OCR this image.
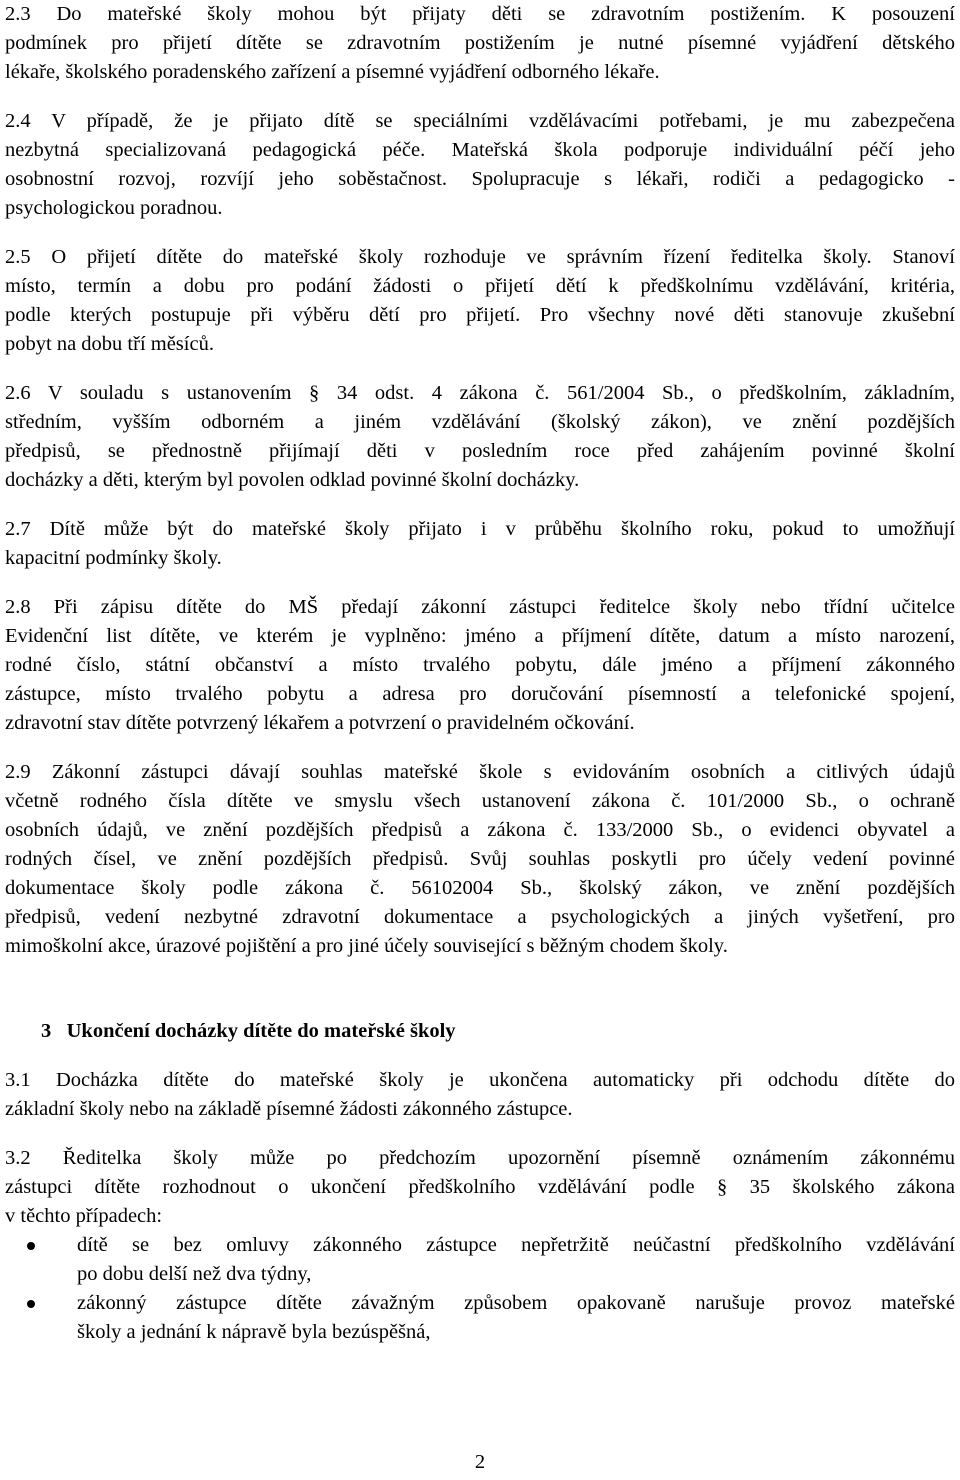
2.3 Do mateřské školy mohou být přijaty děti se zdravotním postižením. K posouzení
podmínek pro přijetí dítěte se zdravotním postižením je nutné písemné vyjádření dětského
lékaře, školského poradenského zařízení a písemné vyjádření odborného lékaře.

2.4 V případě, že je přijato dítě se speciálními vzdělávacími potřebami, je mu zabezpečena
nezbytná specializovaná pedagogická péče. Mateřská škola podporuje individuální péčí jeho
osobnostní rozvoj, rozvíjí jeho soběstačnost. Spolupracuje s lékaři, rodiči a pedagogicko -
psychologickou poradnou.

2.5 O přijetí dítěte do mateřské školy rozhoduje ve správním řízení ředitelka školy. Stanoví
místo, termín a dobu pro podání žádosti o přijetí dětí k předškolnímu vzdělávání, kritéria,
podle kterých postupuje při výběru dětí pro přijetí. Pro všechny nové děti stanovuje zkušební
pobyt na dobu tří měsíců.

2.6 V souladu s ustanovením § 34 odst. 4 zákona č. 561/2004 Sb., o předškolním, základním,
středním, vyšším odborném a jiném vzdělávání (školský zákon), ve znění pozdějších
předpisů, se přednostně přijímají děti v posledním roce před zahájením povinné školní
docházky a děti, kterým byl povolen odklad povinné školní docházky.

2.7 Dítě může být do mateřské školy přijato i v průběhu školního roku, pokud to umožňují
kapacitní podmínky školy.

2.8 Při zápisu dítěte do MŠ předají zákonní zástupci ředitelce školy nebo třídní učitelce
Evidenční list dítěte, ve kterém je vyplněno: jméno a příjmení dítěte, datum a místo narození,
rodné číslo, státní občanství a místo trvalého pobytu, dále jméno a příjmení zákonného
zástupce, místo trvalého pobytu a adresa pro doručování písemností a telefonické spojení,
zdravotní stav dítěte potvrzený lékařem a potvrzení o pravidelném očkování.

2.9 Zákonní zástupci dávají souhlas mateřské škole s evidováním osobních a citlivých údajů
včetně rodného čísla dítěte ve smyslu všech ustanovení zákona č. 101/2000 Sb., o ochraně
osobních údajů, ve znění pozdějších předpisů a zákona č. 133/2000 Sb., o evidenci obyvatel a
rodných čísel, ve znění pozdějších předpisů. Svůj souhlas poskytli pro účely vedení povinné
dokumentace školy podle zákona č. 56102004 Sb., školský zákon, ve znění pozdějších
předpisů, vedení nezbytné zdravotní dokumentace a psychologických a jiných vyšetření, pro
mimoškolní akce, úrazové pojištění a pro jiné účely související s běžným chodem školy.

3   Ukončení docházky dítěte do mateřské školy

3.1 Docházka dítěte do mateřské školy je ukončena automaticky při odchodu dítěte do
základní školy nebo na základě písemné žádosti zákonného zástupce.

3.2 Ředitelka školy může po předchozím upozornění písemně oznámením zákonnému
zástupci dítěte rozhodnout o ukončení předškolního vzdělávání podle § 35 školského zákona
v těchto případech:

dítě se bez omluvy zákonného zástupce nepřetržitě neúčastní předškolního vzdělávání
po dobu delší než dva týdny,
zákonný zástupce dítěte závažným způsobem opakovaně narušuje provoz mateřské
školy a jednání k nápravě byla bezúspěšná,
2
